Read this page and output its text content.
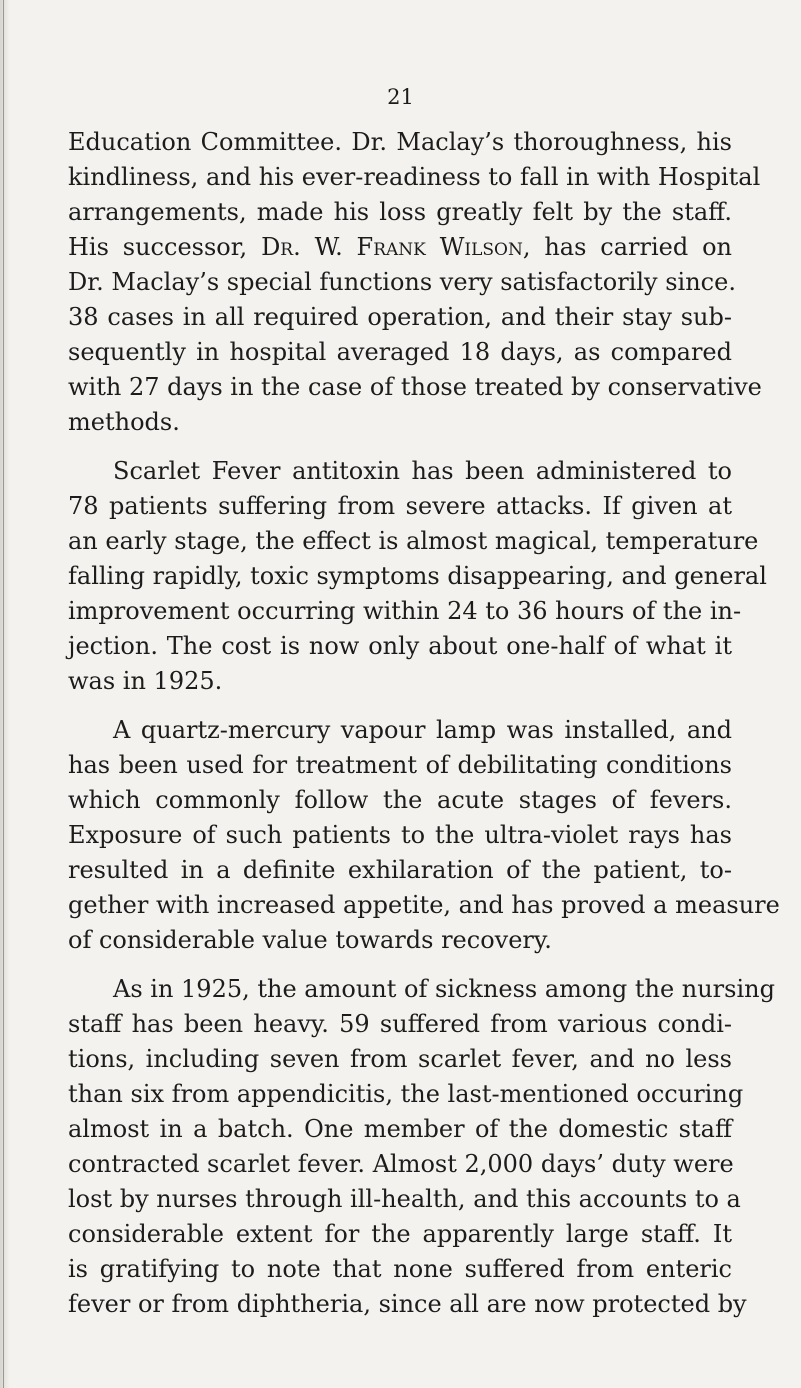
21
Education Committee. Dr. Maclay’s thoroughness, his
kindliness, and his ever-readiness to fall in with Hospital
arrangements, made his loss greatly felt by the staff.
His successor, Dr. W. Frank Wilson, has carried on
Dr. Maclay’s special functions very satisfactorily since.
38 cases in all required operation, and their stay sub-
sequently in hospital averaged 18 days, as compared
with 27 days in the case of those treated by conservative
methods.
Scarlet Fever antitoxin has been administered to
78 patients suffering from severe attacks. If given at
an early stage, the effect is almost magical, temperature
falling rapidly, toxic symptoms disappearing, and general
improvement occurring within 24 to 36 hours of the in-
jection. The cost is now only about one-half of what it
was in 1925.
A quartz-mercury vapour lamp was installed, and
has been used for treatment of debilitating conditions
which commonly follow the acute stages of fevers.
Exposure of such patients to the ultra-violet rays has
resulted in a definite exhilaration of the patient, to-
gether with increased appetite, and has proved a measure
of considerable value towards recovery.
As in 1925, the amount of sickness among the nursing
staff has been heavy. 59 suffered from various condi-
tions, including seven from scarlet fever, and no less
than six from appendicitis, the last-mentioned occuring
almost in a batch. One member of the domestic staff
contracted scarlet fever. Almost 2,000 days’ duty were
lost by nurses through ill-health, and this accounts to a
considerable extent for the apparently large staff. It
is gratifying to note that none suffered from enteric
fever or from diphtheria, since all are now protected by
